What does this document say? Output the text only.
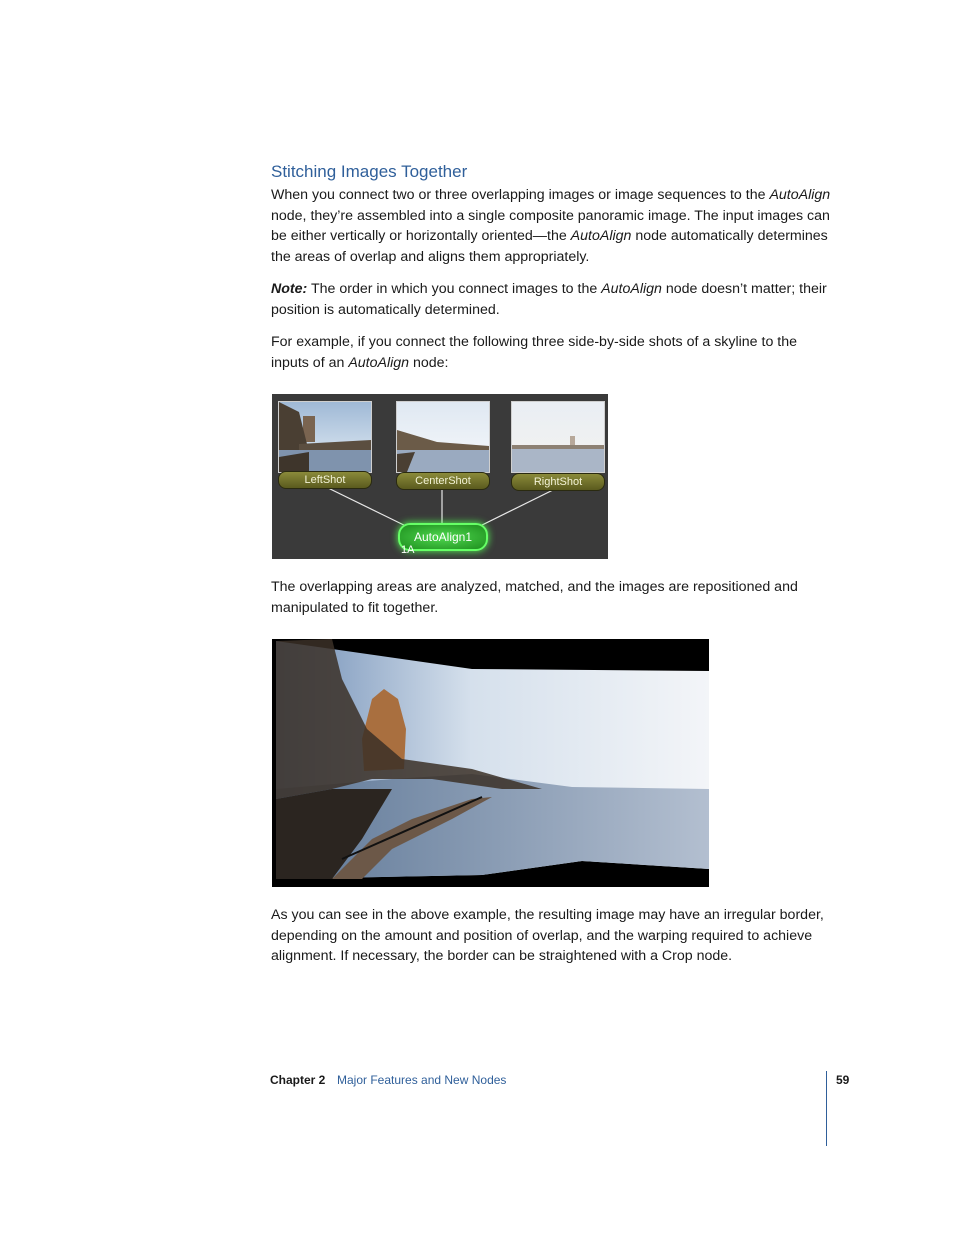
Stitching Images Together

When you connect two or three overlapping images or image sequences to the AutoAlign node, they’re assembled into a single composite panoramic image. The input images can be either vertically or horizontally oriented—the AutoAlign node automatically determines the areas of overlap and aligns them appropriately.

Note: The order in which you connect images to the AutoAlign node doesn’t matter; their position is automatically determined.

For example, if you connect the following three side-by-side shots of a skyline to the inputs of an AutoAlign node:

LeftShot	CenterShot	RightShot
AutoAlign1
1A

The overlapping areas are analyzed, matched, and the images are repositioned and manipulated to fit together.

As you can see in the above example, the resulting image may have an irregular border, depending on the amount and position of overlap, and the warping required to achieve alignment. If necessary, the border can be straightened with a Crop node.

Chapter 2 Major Features and New Nodes	59
